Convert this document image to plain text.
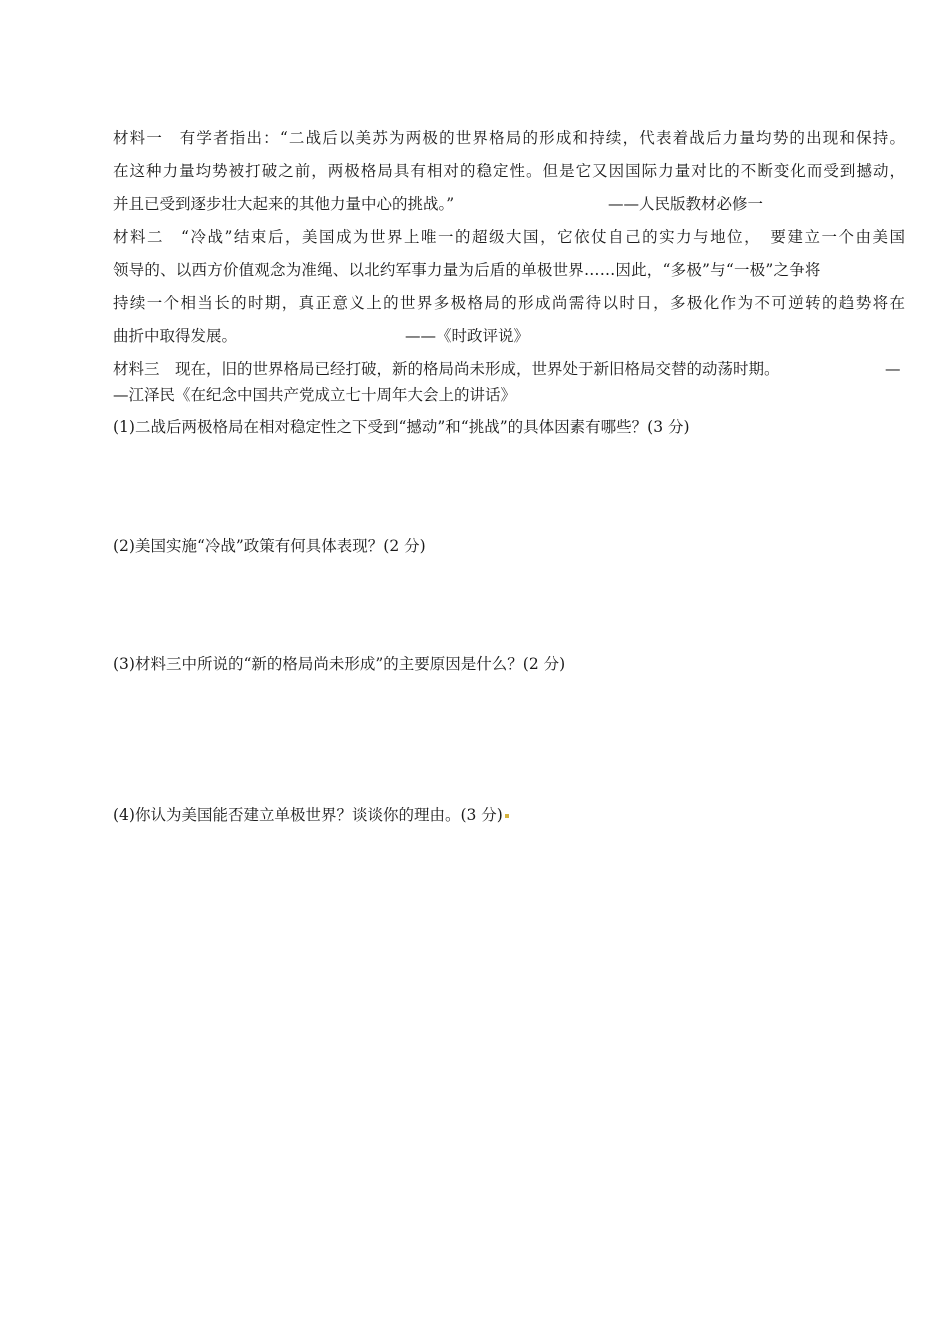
材料一　有学者指出：“二战后以美苏为两极的世界格局的形成和持续，代表着战后力量均势的出现和保持。
在这种力量均势被打破之前，两极格局具有相对的稳定性。但是它又因国际力量对比的不断变化而受到撼动，
并且已受到逐步壮大起来的其他力量中心的挑战。”	——人民版教材必修一
材料二　“冷战”结束后，美国成为世界上唯一的超级大国，它依仗自己的实力与地位，　要建立一个由美国
领导的、以西方价值观念为准绳、以北约军事力量为后盾的单极世界……因此，“多极”与“一极”之争将
持续一个相当长的时期，真正意义上的世界多极格局的形成尚需待以时日，多极化作为不可逆转的趋势将在
曲折中取得发展。	——《时政评说》
材料三　现在，旧的世界格局已经打破，新的格局尚未形成，世界处于新旧格局交替的动荡时期。	—
—江泽民《在纪念中国共产党成立七十周年大会上的讲话》
(1)二战后两极格局在相对稳定性之下受到“撼动”和“挑战”的具体因素有哪些？(3 分)
(2)美国实施“冷战”政策有何具体表现？(2 分)
(3)材料三中所说的“新的格局尚未形成”的主要原因是什么？(2 分)
(4)你认为美国能否建立单极世界？谈谈你的理由。(3 分)
